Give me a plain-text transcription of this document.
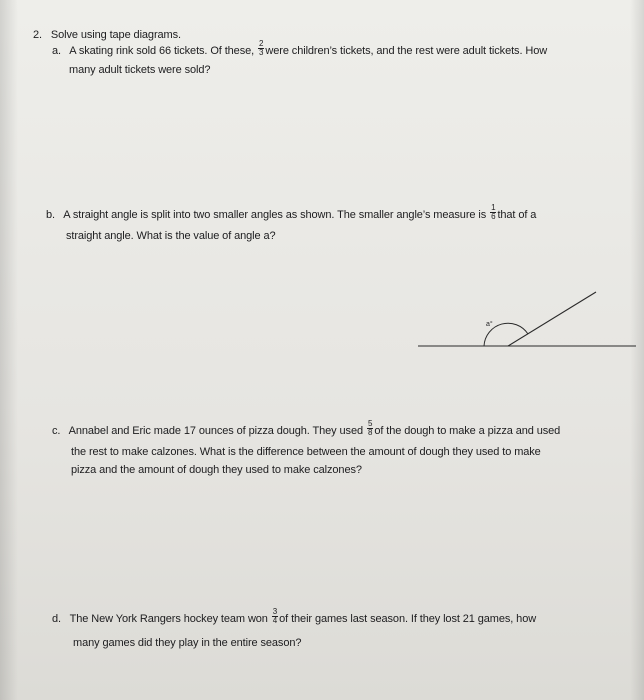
2. Solve using tape diagrams.
a. A skating rink sold 66 tickets. Of these, $\frac{2}{3}$ were children’s tickets, and the rest were adult tickets. How
many adult tickets were sold?
b. A straight angle is split into two smaller angles as shown. The smaller angle’s measure is $\frac{1}{6}$ that of a
straight angle. What is the value of angle a?
a°
c. Annabel and Eric made 17 ounces of pizza dough. They used $\frac{5}{8}$ of the dough to make a pizza and used
the rest to make calzones. What is the difference between the amount of dough they used to make
pizza and the amount of dough they used to make calzones?
d. The New York Rangers hockey team won $\frac{3}{4}$ of their games last season. If they lost 21 games, how
many games did they play in the entire season?
